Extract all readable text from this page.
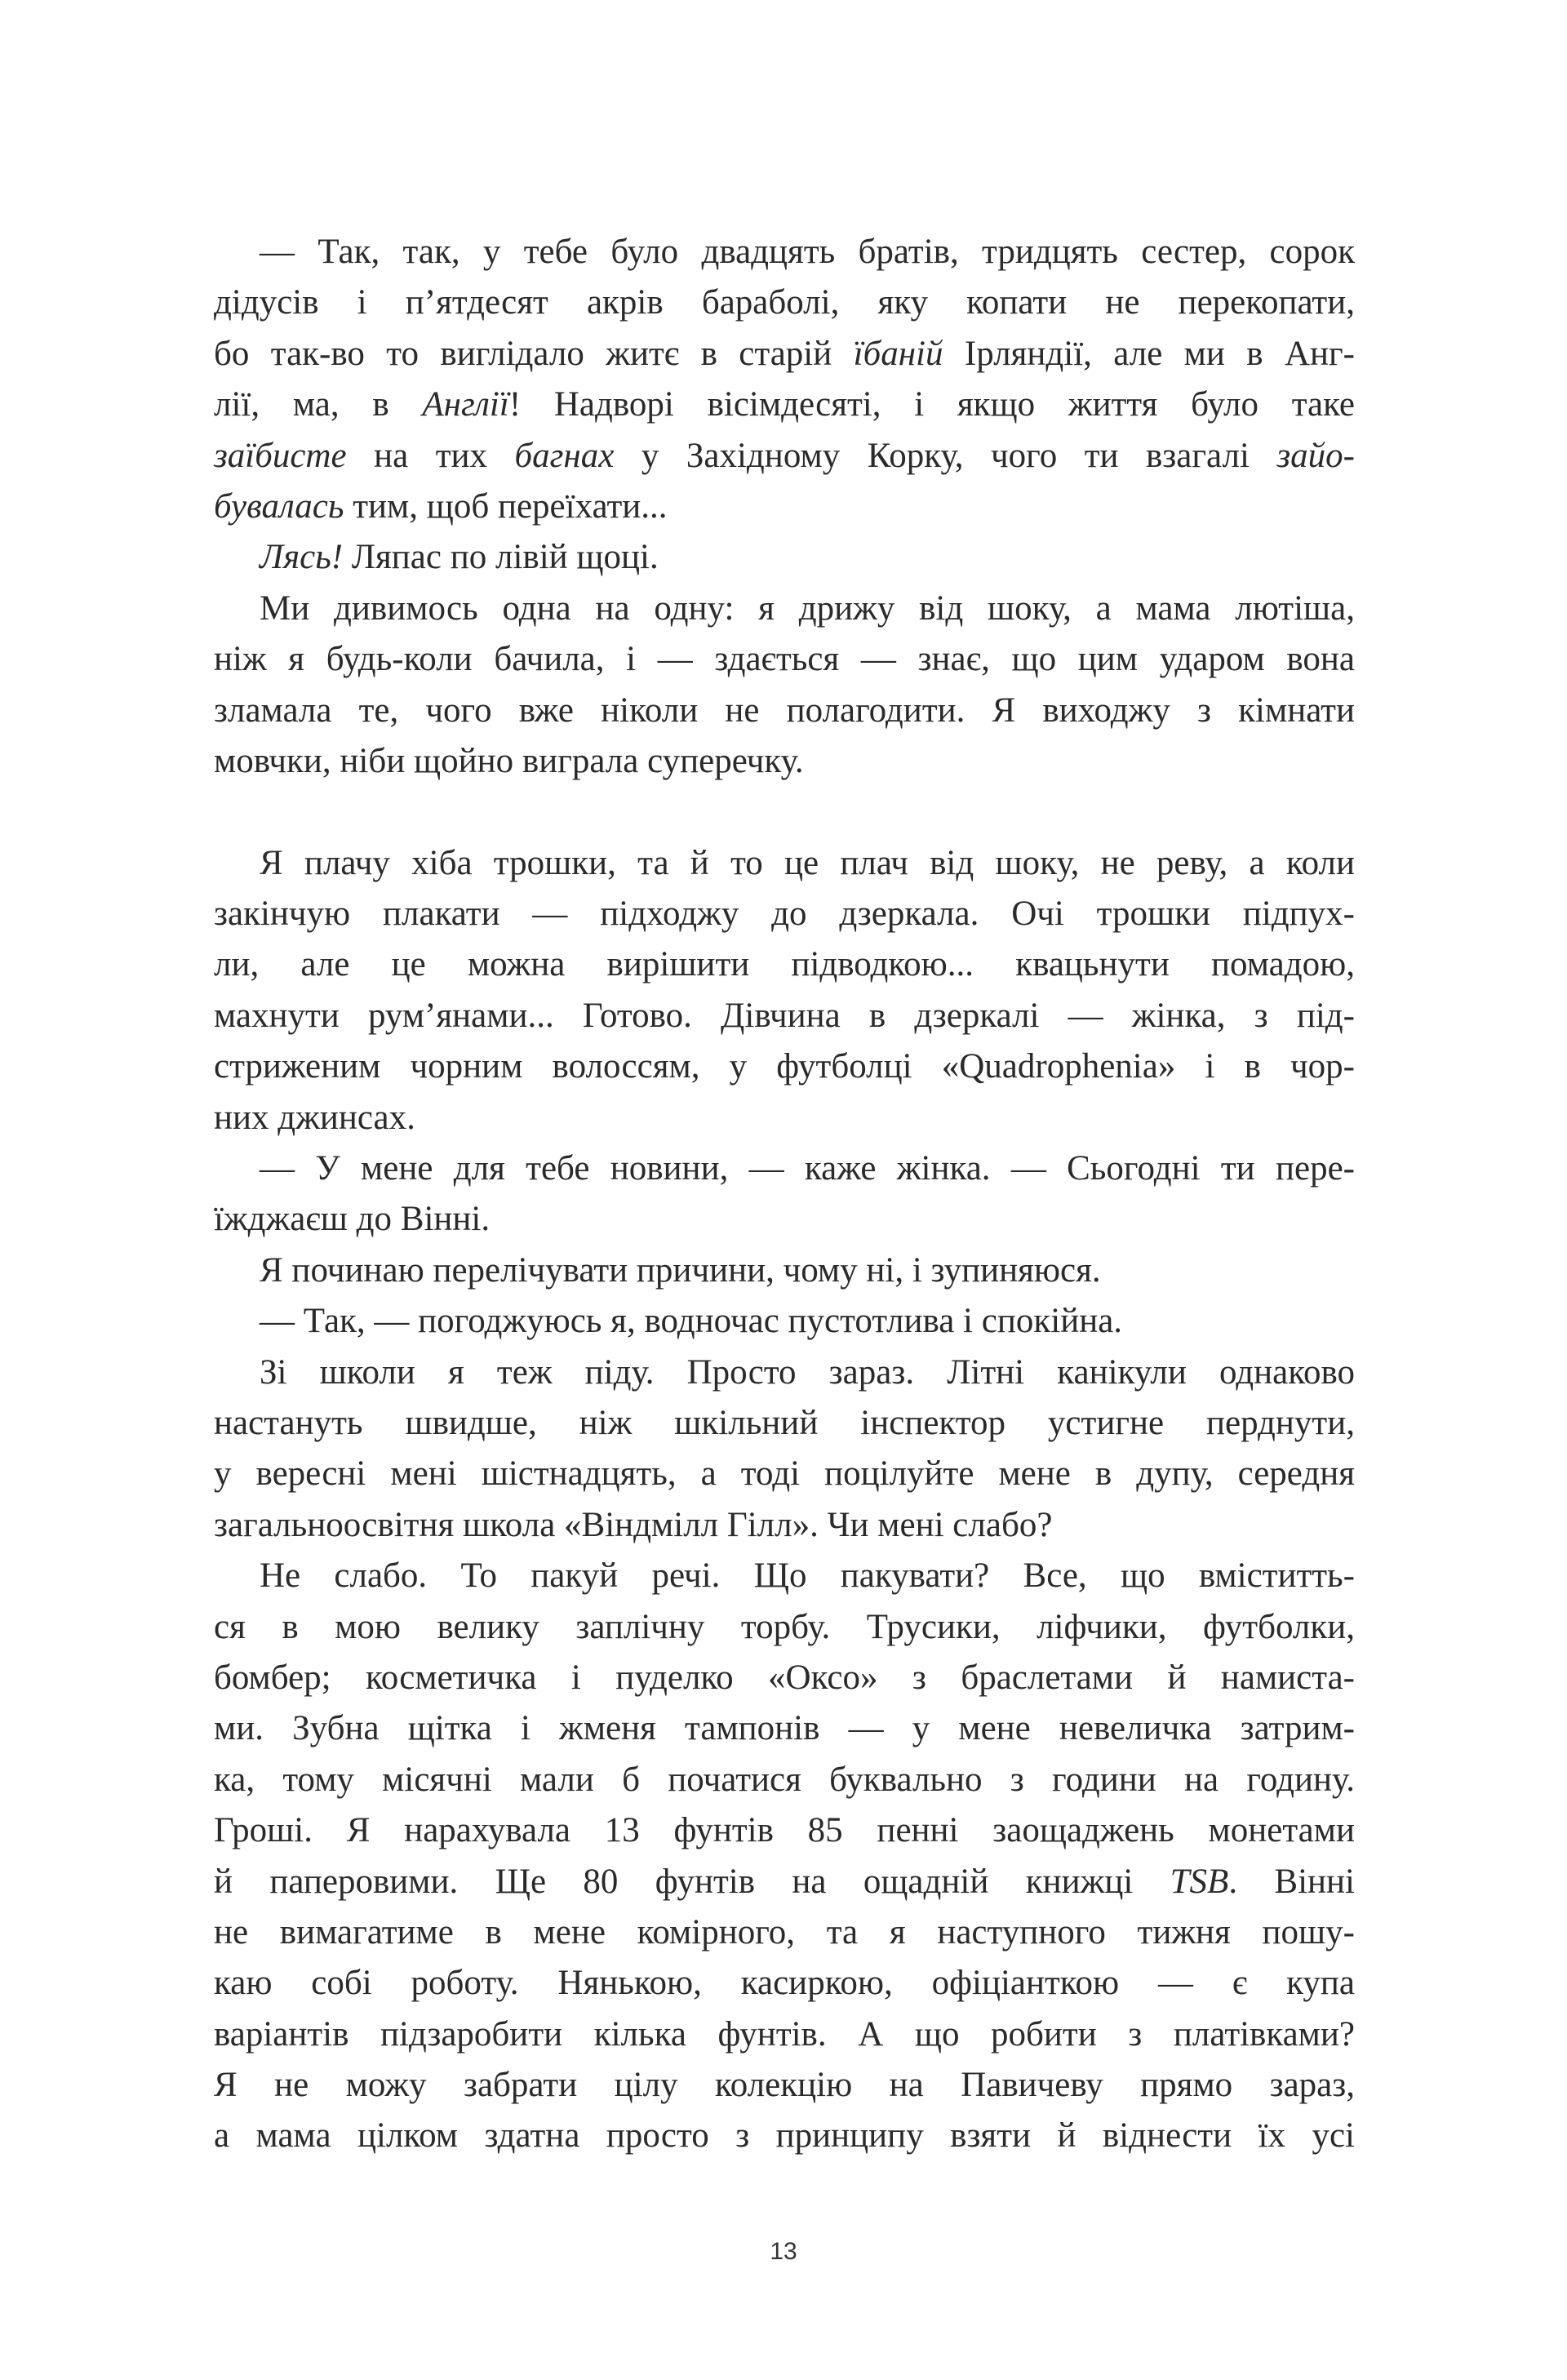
— Так, так, у тебе було двадцять братів, тридцять сестер, сорок
дідусів і п’ятдесят акрів бараболі, яку копати не перекопати,
бо так-во то виглідало житє в старій їбаній Ірляндії, але ми в Анг-
лії, ма, в Англії! Надворі вісімдесяті, і якщо життя було таке
заїбисте на тих багнах у Західному Корку, чого ти взагалі зайо-
бувалась тим, щоб переїхати...
Лясь! Ляпас по лівій щоці.
Ми дивимось одна на одну: я дрижу від шоку, а мама лютіша,
ніж я будь-коли бачила, і — здається — знає, що цим ударом вона
зламала те, чого вже ніколи не полагодити. Я виходжу з кімнати
мовчки, ніби щойно виграла суперечку.
Я плачу хіба трошки, та й то це плач від шоку, не реву, а коли
закінчую плакати — підходжу до дзеркала. Очі трошки підпух-
ли, але це можна вирішити підводкою... квацьнути помадою,
махнути рум’янами... Готово. Дівчина в дзеркалі — жінка, з під-
стриженим чорним волоссям, у футболці «Quadrophenia» і в чор-
них джинсах.
— У мене для тебе новини, — каже жінка. — Сьогодні ти пере-
їжджаєш до Вінні.
Я починаю перелічувати причини, чому ні, і зупиняюся.
— Так, — погоджуюсь я, водночас пустотлива і спокійна.
Зі школи я теж піду. Просто зараз. Літні канікули однаково
настануть швидше, ніж шкільний інспектор устигне перднути,
у вересні мені шістнадцять, а тоді поцілуйте мене в дупу, середня
загальноосвітня школа «Віндмілл Гілл». Чи мені слабо?
Не слабо. То пакуй речі. Що пакувати? Все, що вміститть-
ся в мою велику заплічну торбу. Трусики, ліфчики, футболки,
бомбер; косметичка і пуделко «Оксо» з браслетами й намиста-
ми. Зубна щітка і жменя тампонів — у мене невеличка затрим-
ка, тому місячні мали б початися буквально з години на годину.
Гроші. Я нарахувала 13 фунтів 85 пенні заощаджень монетами
й паперовими. Ще 80 фунтів на ощадній книжці TSB. Вінні
не вимагатиме в мене комірного, та я наступного тижня пошу-
каю собі роботу. Нянькою, касиркою, офіціанткою — є купа
варіантів підзаробити кілька фунтів. А що робити з платівками?
Я не можу забрати цілу колекцію на Павичеву прямо зараз,
а мама цілком здатна просто з принципу взяти й віднести їх усі
13
